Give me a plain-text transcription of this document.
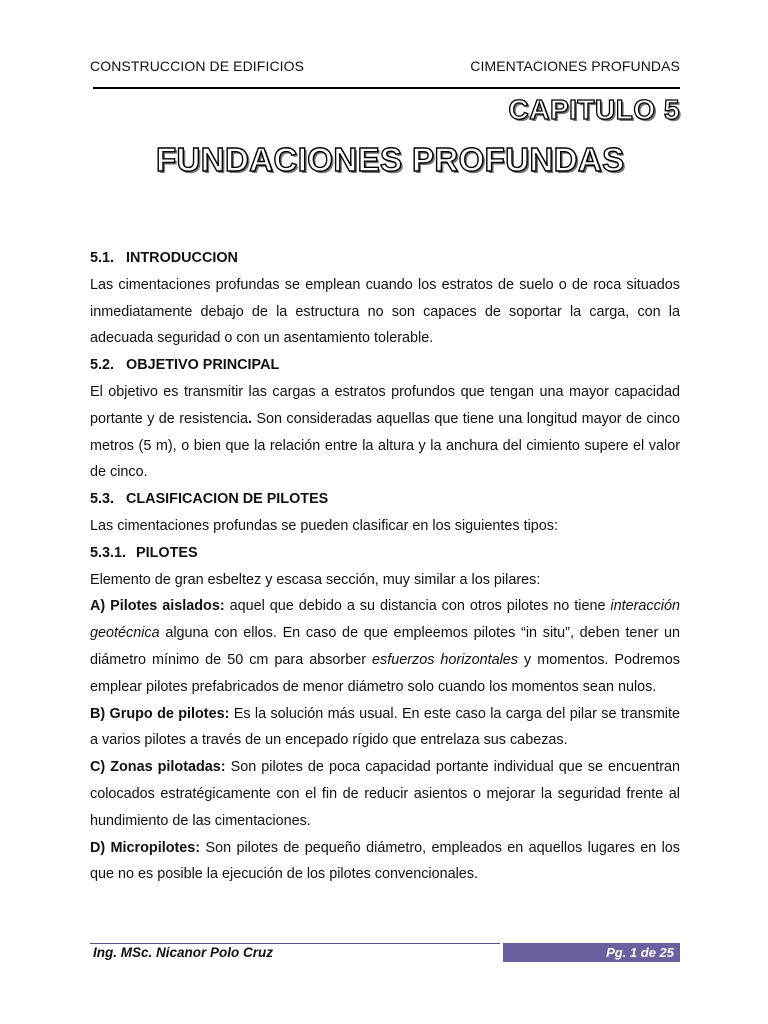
CONSTRUCCION DE EDIFICIOS	CIMENTACIONES PROFUNDAS
CAPITULO 5
FUNDACIONES PROFUNDAS

5.1. INTRODUCCION

Las cimentaciones profundas se emplean cuando los estratos de suelo o de roca situados inmediatamente debajo de la estructura no son capaces de soportar la carga, con la adecuada seguridad o con un asentamiento tolerable.

5.2. OBJETIVO PRINCIPAL

El objetivo es transmitir las cargas a estratos profundos que tengan una mayor capacidad portante y de resistencia. Son consideradas aquellas que tiene una longitud mayor de cinco metros (5 m), o bien que la relación entre la altura y la anchura del cimiento supere el valor de cinco.

5.3. CLASIFICACION DE PILOTES

Las cimentaciones profundas se pueden clasificar en los siguientes tipos:

5.3.1. PILOTES

Elemento de gran esbeltez y escasa sección, muy similar a los pilares:

A) Pilotes aislados: aquel que debido a su distancia con otros pilotes no tiene interacción geotécnica alguna con ellos. En caso de que empleemos pilotes “in situ”, deben tener un diámetro mínimo de 50 cm para absorber esfuerzos horizontales y momentos. Podremos emplear pilotes prefabricados de menor diámetro solo cuando los momentos sean nulos.

B) Grupo de pilotes: Es la solución más usual. En este caso la carga del pilar se transmite a varios pilotes a través de un encepado rígido que entrelaza sus cabezas.

C) Zonas pilotadas: Son pilotes de poca capacidad portante individual que se encuentran colocados estratégicamente con el fin de reducir asientos o mejorar la seguridad frente al hundimiento de las cimentaciones.

D) Micropilotes: Son pilotes de pequeño diámetro, empleados en aquellos lugares en los que no es posible la ejecución de los pilotes convencionales.

Ing. MSc. Nicanor Polo Cruz	Pg. 1 de 25
